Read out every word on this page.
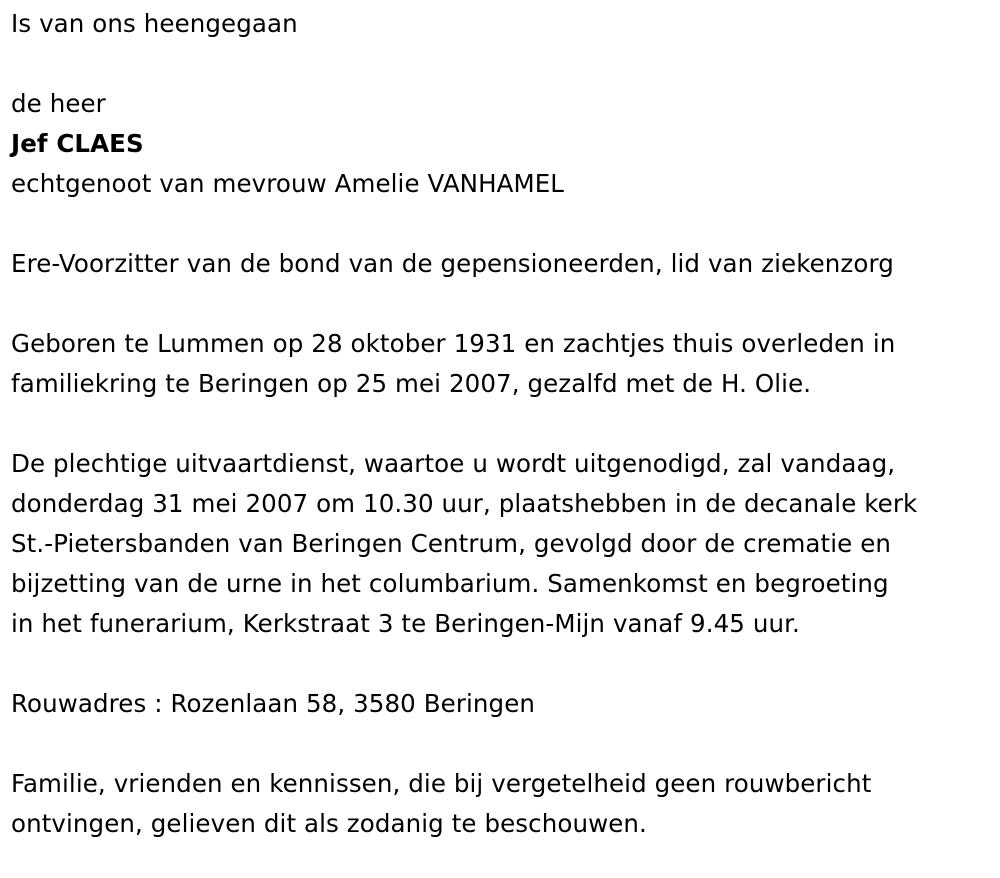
Is van ons heengegaan
de heer
Jef CLAES
echtgenoot van mevrouw Amelie VANHAMEL
Ere-Voorzitter van de bond van de gepensioneerden, lid van ziekenzorg
Geboren te Lummen op 28 oktober 1931 en zachtjes thuis overleden in
familiekring te Beringen op 25 mei 2007, gezalfd met de H. Olie.
De plechtige uitvaartdienst, waartoe u wordt uitgenodigd, zal vandaag,
donderdag 31 mei 2007 om 10.30 uur, plaatshebben in de decanale kerk
St.-Pietersbanden van Beringen Centrum, gevolgd door de crematie en
bijzetting van de urne in het columbarium. Samenkomst en begroeting
in het funerarium, Kerkstraat 3 te Beringen-Mijn vanaf 9.45 uur.
Rouwadres : Rozenlaan 58, 3580 Beringen
Familie, vrienden en kennissen, die bij vergetelheid geen rouwbericht
ontvingen, gelieven dit als zodanig te beschouwen.
